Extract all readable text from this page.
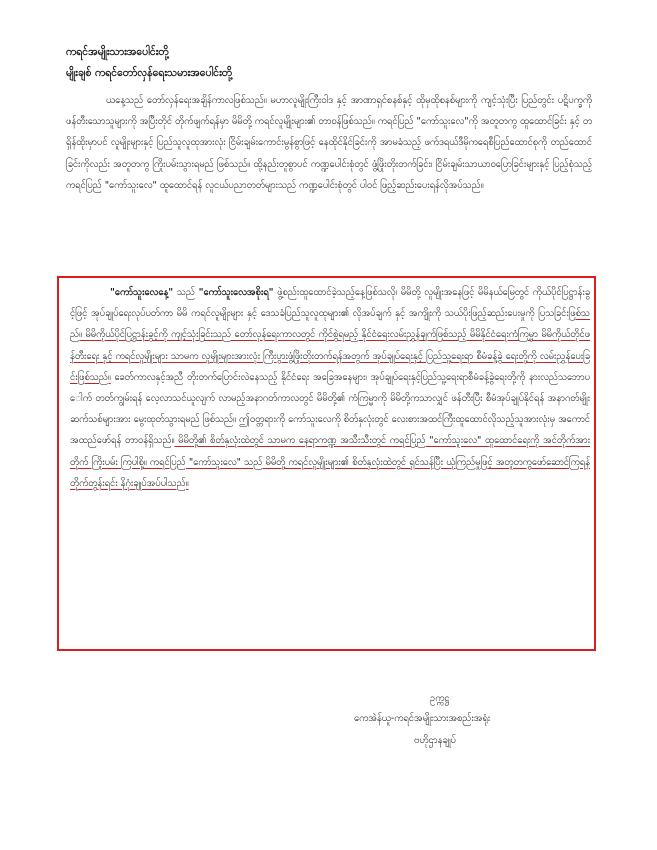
ကရင်အမျိုးသားအပေါင်းတို့
မျိုးချစ် ကရင်တော်လှန်ရေးသမားအပေါင်းတို့

ယနေ့သည် တော်လှန်ရေးအချိန်ကာလဖြစ်သည်။ မဟာလူမျိုးကြီးဝါဒ နှင့် အာဏာရှင်စနစ်နှင့် ထိုမှထိုစနစ်များကို ကျင့်သုံးပြီး ပြည်တွင်း ပဋိပက္ခကို ဖန်တီးသောသူများကို အပြီးတိုင် တိုက်ဖျက်ရန်မှာ မိမိတို့ ကရင်လူမျိုးများ၏ တာဝန်ဖြစ်သည်။ ကရင်ပြည် "ကော်သူးလေ"ကို အတူတကွ ထူထောင်ခြင်း နှင့် တရှိန်ထိုးမှာပင် လူမျိုးများနှင့် ပြည်သူလူထုအားလုံး ငြိမ်းချမ်းကောင်းမွန်စွာဖြင့် နေထိုင်နိုင်ခြင်းကို အာမခံသည့် ဖက်ဒရယ်ဒီမိုကရေစီပြည်ထောင်စုကို တည်ထောင်ခြင်းကိုလည်း အတူတကွ ကြိုးပမ်းသွားရမည် ဖြစ်သည်။ ထို့နည်းတူစွာပင် ကဏ္ဍပေါင်းစုံတွင် ဖွံ့ဖြိုးတိုးတက်ခြင်း၊ ငြိမ်းချမ်းသာယာဝပြောခြင်းများနှင့် ပြည့်စုံသည့် ကရင်ပြည် "ကော်သူးလေ" ထူထောင်ရန် လူငယ်ပညာတတ်များသည် ကဏ္ဍပေါင်းစုံတွင် ပါဝင် ဖြည့်ဆည်းပေးရန်လိုအပ်သည်။

"ကော်သူးလေနေ့" သည် "ကော်သူးလေအစိုးရ" ဖွဲ့စည်းထူထောင်ခဲ့သည့်နေ့ဖြစ်သလို၊ မိမိတို့ လူမျိုးအနေဖြင့် မိမိနယ်မြေတွင် ကိုယ်ပိုင်ပြဋ္ဌာန်းခွင့်ဖြင့် အုပ်ချုပ်ရေးလုပ်ပတ်ကာ မိမိ ကရင်လူမျိုးများ နှင့် ဒေသခံပြည်သူလူထုများ၏ လိုအပ်ချက် နှင့် အကျိုးကို သယ်ပိုးဖြည့်ဆည်းပေးမှုကို ပြသခြင်းဖြစ်သည်။ မိမိကိုယ်ပိုင်ပြဋ္ဌာန်းခွင့်ကို ကျင့်သုံးခြင်းသည် တော်လှန်ရေးကာလတွင် ကိုင်စွဲရမည့် နိုင်ငံရေးလမ်းညွှန်ချက်ဖြစ်သည့် မိမိနိုင်ငံရေးကံကြမ္မာ မိမိကိုယ်တိုင်ဖန်တီးရေး နှင့် ကရင်လူမျိုးများ သာမက လူမျိုးများအားလုံး ကြီးပွားဖွံ့ဖြိုးတိုးတက်ရန်အတွက် အုပ်ချုပ်ရေးနှင့် ပြည်သူ့ရေးရာ စီမံခန့်ခွဲ ရေးတို့ကို လမ်းညွှန်ပေးခြင်းဖြစ်သည်။ ခေတ်ကာလနှင့်အညီ တိုးတက်ပြောင်းလဲနေသည့် နိုင်ငံရေး အခြေအနေများ၊ အုပ်ချုပ်ရေးနှင့်ပြည်သူ့ရေးရာစီမံခန့်ခွဲရေးတို့ကို နားလည်သဘောပေါက် တတ်ကျွမ်းရန် လေ့လာသင်ယူလျက် လာမည့်အနာဂတ်ကာလတွင် မိမိတို့၏ ကံကြမ္မာကို မိမိတို့ကသာလျှင် ဖန်တီးပြီး စီမံအုပ်ချုပ်နိုင်ရန် အနာဂတ်မျိုးဆက်သစ်များအား မွေးထုတ်သွားရမည် ဖြစ်သည်။ ဤဝတ္တရားကို ကော်သူးလေကို စိတ်နှလုံးတွင် လေးစားအထင်ကြီးထူထောင်လိုသည့်သူအားလုံးမှ အကောင်အထည်ဖော်ရန် တာဝန်ရှိသည်။ မိမိတို့၏ စိတ်နှလုံးထဲတွင် သာမက နေရာကဏ္ဍ အသီးသီးတွင် ကရင်ပြည် "ကော်သူးလေ" ထူထောင်ရေးကို အင်တိုက်အားတိုက် ကြိုးပမ်း ကြပါစို့။ ကရင်ပြည် "ကော်သူးလေ" သည် မိမိတို့ ကရင်လူမျိုးများ၏ စိတ်နှလုံးထဲတွင် ရှင်သန်ပြီး ယုံကြည်မှုဖြင့် အတူတကွဖော်ဆောင်ကြရန် တိုက်တွန်းရင်း နိဂုံးချုပ်အပ်ပါသည်။

ဥက္ကဋ္ဌ
ကေအဲန်ယူ-ကရင်အမျိုးသားအစည်းအရုံး
ဗဟိုဌာနချုပ်
